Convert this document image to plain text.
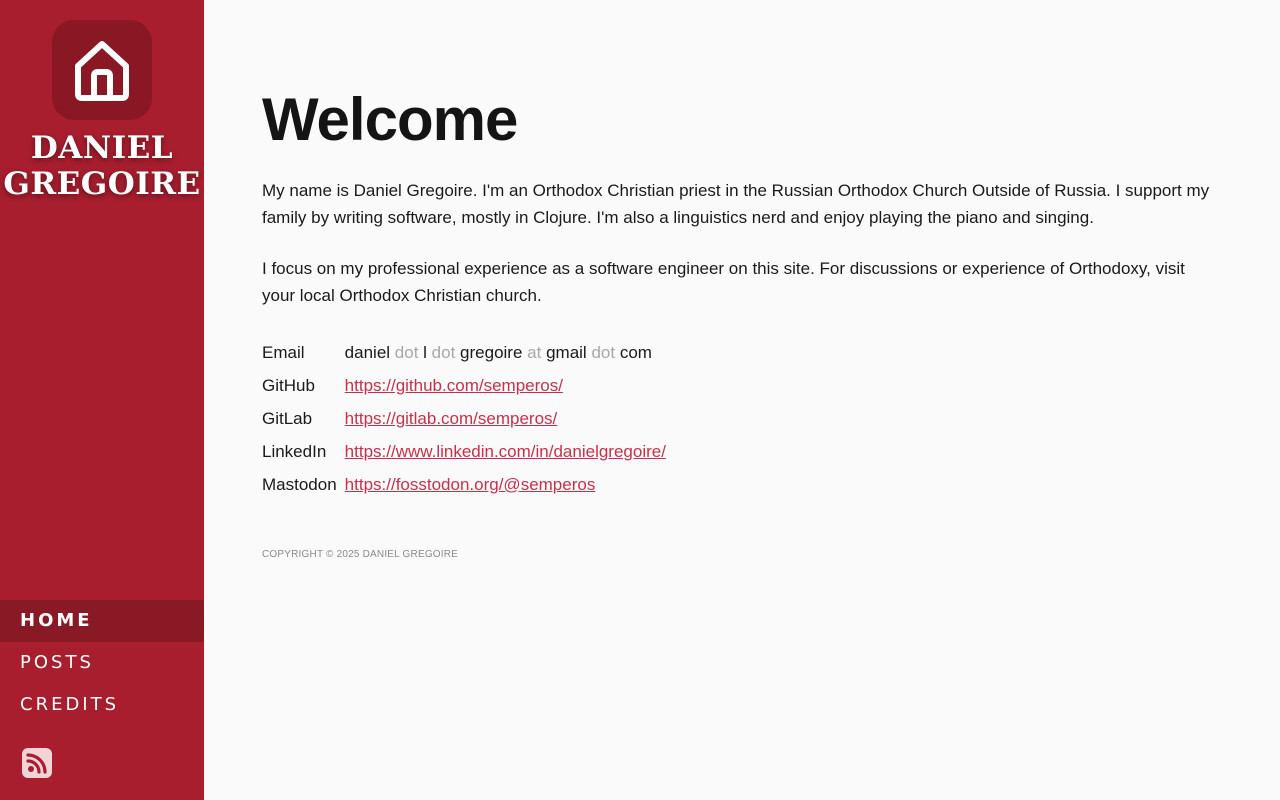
DANIEL
GREGOIRE
HOME
POSTS
CREDITS
Welcome

My name is Daniel Gregoire. I'm an Orthodox Christian priest in the Russian Orthodox Church Outside of Russia. I support my family by writing software, mostly in Clojure. I'm also a linguistics nerd and enjoy playing the piano and singing.

I focus on my professional experience as a software engineer on this site. For discussions or experience of Orthodoxy, visit your local Orthodox Christian church.

Email	daniel dot l dot gregoire at gmail dot com
GitHub	https://github.com/semperos/
GitLab	https://gitlab.com/semperos/
LinkedIn	https://www.linkedin.com/in/danielgregoire/
Mastodon	https://fosstodon.org/@semperos
COPYRIGHT © 2025 DANIEL GREGOIRE
